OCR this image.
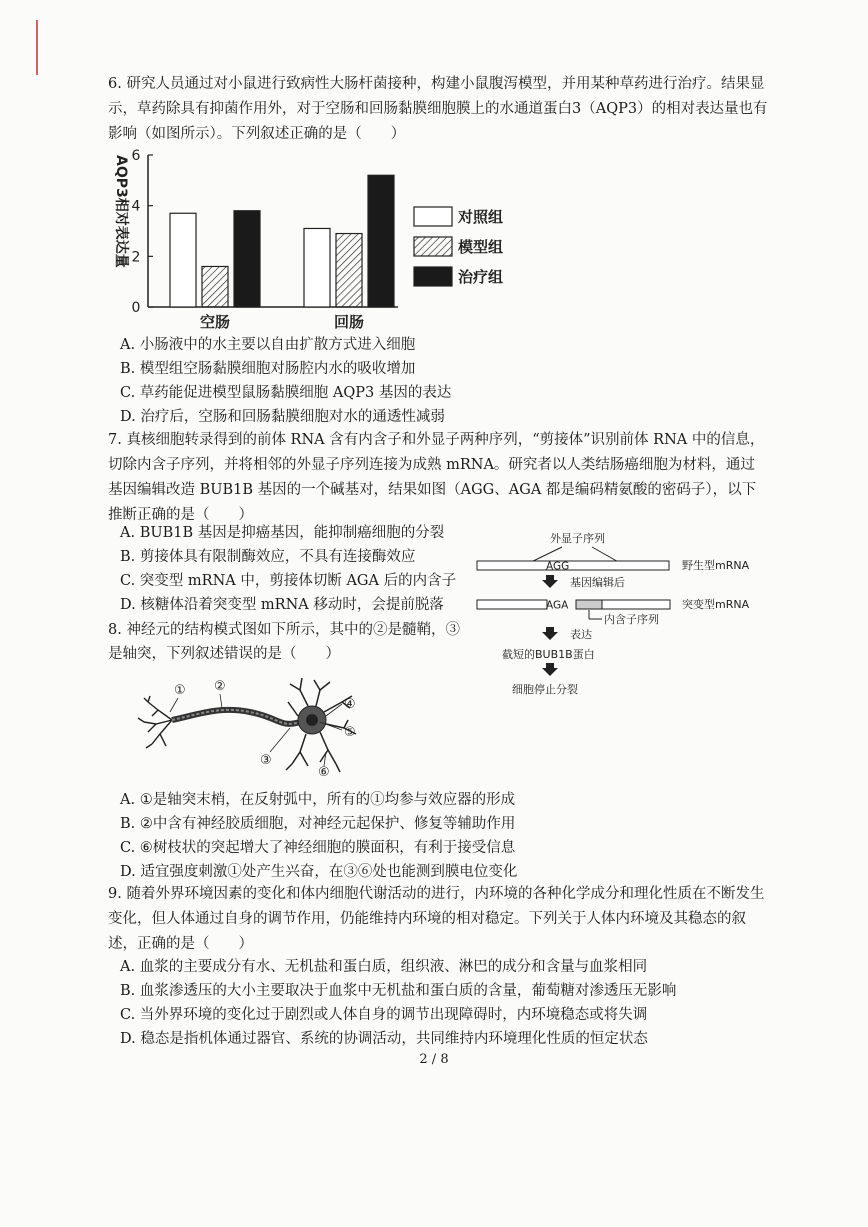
6. 研究人员通过对小鼠进行致病性大肠杆菌接种，构建小鼠腹泻模型，并用某种草药进行治疗。结果显示，草药除具有抑菌作用外，对于空肠和回肠黏膜细胞膜上的水通道蛋白3（AQP3）的相对表达量也有影响（如图所示）。下列叙述正确的是（　　）
0
2
4
6
AQP3相对表达量
空肠	回肠
对照组
模型组
治疗组
A. 小肠液中的水主要以自由扩散方式进入细胞
B. 模型组空肠黏膜细胞对肠腔内水的吸收增加
C. 草药能促进模型鼠肠黏膜细胞 AQP3 基因的表达
D. 治疗后，空肠和回肠黏膜细胞对水的通透性减弱
7. 真核细胞转录得到的前体 RNA 含有内含子和外显子两种序列，“剪接体”识别前体 RNA 中的信息，切除内含子序列，并将相邻的外显子序列连接为成熟 mRNA。研究者以人类结肠癌细胞为材料，通过基因编辑改造 BUB1B 基因的一个碱基对，结果如图（AGG、AGA 都是编码精氨酸的密码子），以下推断正确的是（　　）
A. BUB1B 基因是抑癌基因，能抑制癌细胞的分裂
B. 剪接体具有限制酶效应，不具有连接酶效应
C. 突变型 mRNA 中，剪接体切断 AGA 后的内含子
D. 核糖体沿着突变型 mRNA 移动时，会提前脱落
外显子序列
AGG	野生型mRNA
基因编辑后
AGA	突变型mRNA
内含子序列
表达
截短的BUB1B蛋白
细胞停止分裂
8. 神经元的结构模式图如下所示，其中的②是髓鞘，③是轴突，下列叙述错误的是（　　）
① ②
③
④
⑤
⑥
A. ①是轴突末梢，在反射弧中，所有的①均参与效应器的形成
B. ②中含有神经胶质细胞，对神经元起保护、修复等辅助作用
C. ⑥树枝状的突起增大了神经细胞的膜面积，有利于接受信息
D. 适宜强度刺激①处产生兴奋，在③⑥处也能测到膜电位变化
9. 随着外界环境因素的变化和体内细胞代谢活动的进行，内环境的各种化学成分和理化性质在不断发生变化，但人体通过自身的调节作用，仍能维持内环境的相对稳定。下列关于人体内环境及其稳态的叙述，正确的是（　　）
A. 血浆的主要成分有水、无机盐和蛋白质，组织液、淋巴的成分和含量与血浆相同
B. 血浆渗透压的大小主要取决于血浆中无机盐和蛋白质的含量，葡萄糖对渗透压无影响
C. 当外界环境的变化过于剧烈或人体自身的调节出现障碍时，内环境稳态或将失调
D. 稳态是指机体通过器官、系统的协调活动，共同维持内环境理化性质的恒定状态
2 / 8
